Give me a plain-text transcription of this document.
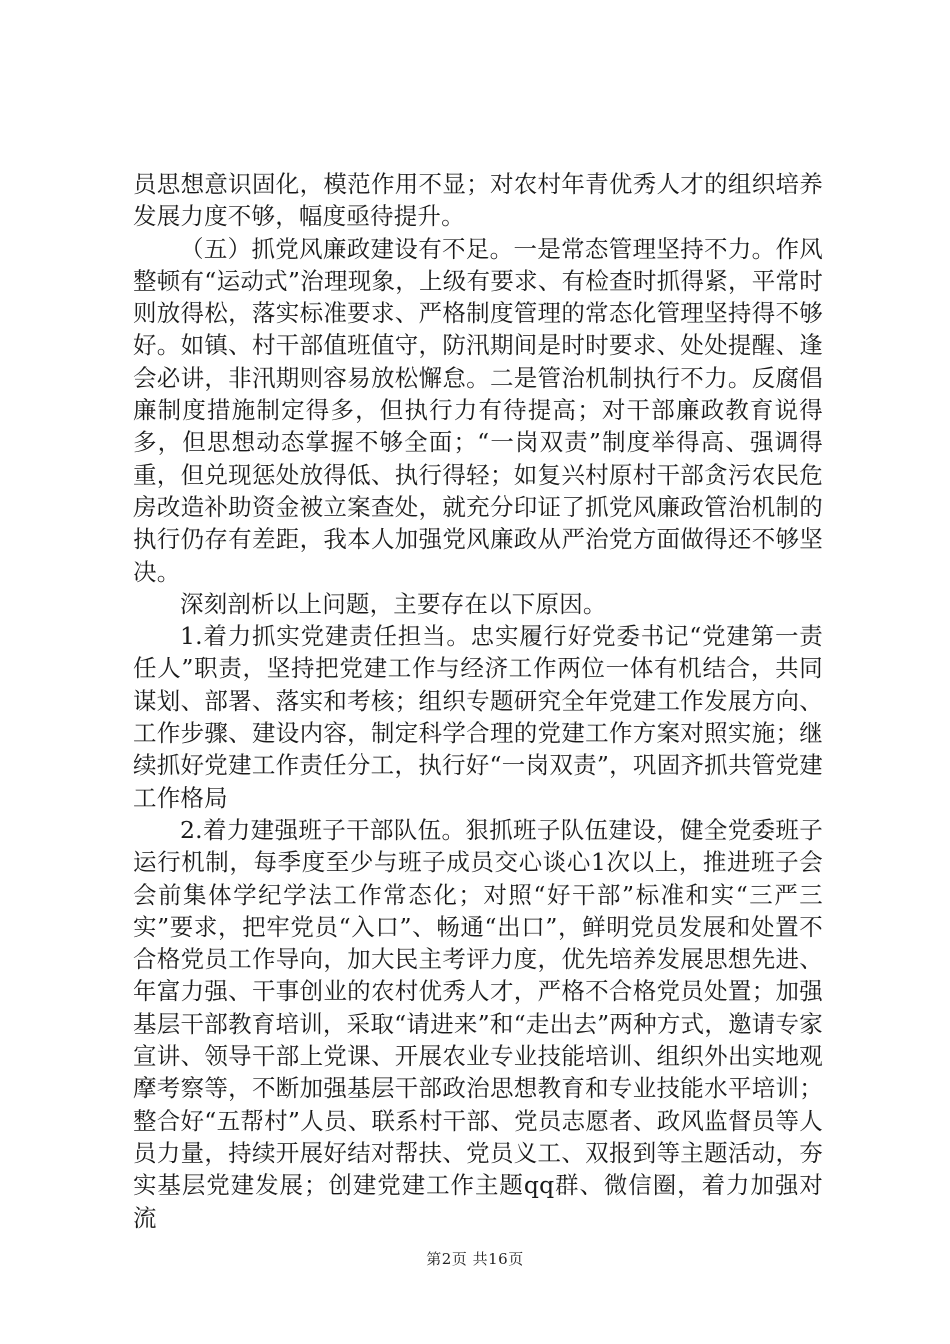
员思想意识固化，模范作用不显；对农村年青优秀人才的组织培养发展力度不够，幅度亟待提升。

（五）抓党风廉政建设有不足。一是常态管理坚持不力。作风整顿有“运动式”治理现象，上级有要求、有检查时抓得紧，平常时则放得松，落实标准要求、严格制度管理的常态化管理坚持得不够好。如镇、村干部值班值守，防汛期间是时时要求、处处提醒、逢会必讲，非汛期则容易放松懈怠。二是管治机制执行不力。反腐倡廉制度措施制定得多，但执行力有待提高；对干部廉政教育说得多，但思想动态掌握不够全面；“一岗双责”制度举得高、强调得重，但兑现惩处放得低、执行得轻；如复兴村原村干部贪污农民危房改造补助资金被立案查处，就充分印证了抓党风廉政管治机制的执行仍存有差距，我本人加强党风廉政从严治党方面做得还不够坚决。

深刻剖析以上问题，主要存在以下原因。

1.着力抓实党建责任担当。忠实履行好党委书记“党建第一责任人”职责，坚持把党建工作与经济工作两位一体有机结合，共同谋划、部署、落实和考核；组织专题研究全年党建工作发展方向、工作步骤、建设内容，制定科学合理的党建工作方案对照实施；继续抓好党建工作责任分工，执行好“一岗双责”，巩固齐抓共管党建工作格局

2.着力建强班子干部队伍。狠抓班子队伍建设，健全党委班子运行机制，每季度至少与班子成员交心谈心1次以上，推进班子会会前集体学纪学法工作常态化；对照“好干部”标准和实“三严三实”要求，把牢党员“入口”、畅通“出口”，鲜明党员发展和处置不合格党员工作导向，加大民主考评力度，优先培养发展思想先进、年富力强、干事创业的农村优秀人才，严格不合格党员处置；加强基层干部教育培训，采取“请进来”和“走出去”两种方式，邀请专家宣讲、领导干部上党课、开展农业专业技能培训、组织外出实地观摩考察等，不断加强基层干部政治思想教育和专业技能水平培训；整合好“五帮村”人员、联系村干部、党员志愿者、政风监督员等人员力量，持续开展好结对帮扶、党员义工、双报到等主题活动，夯实基层党建发展；创建党建工作主题qq群、微信圈，着力加强对流

第2页 共16页
